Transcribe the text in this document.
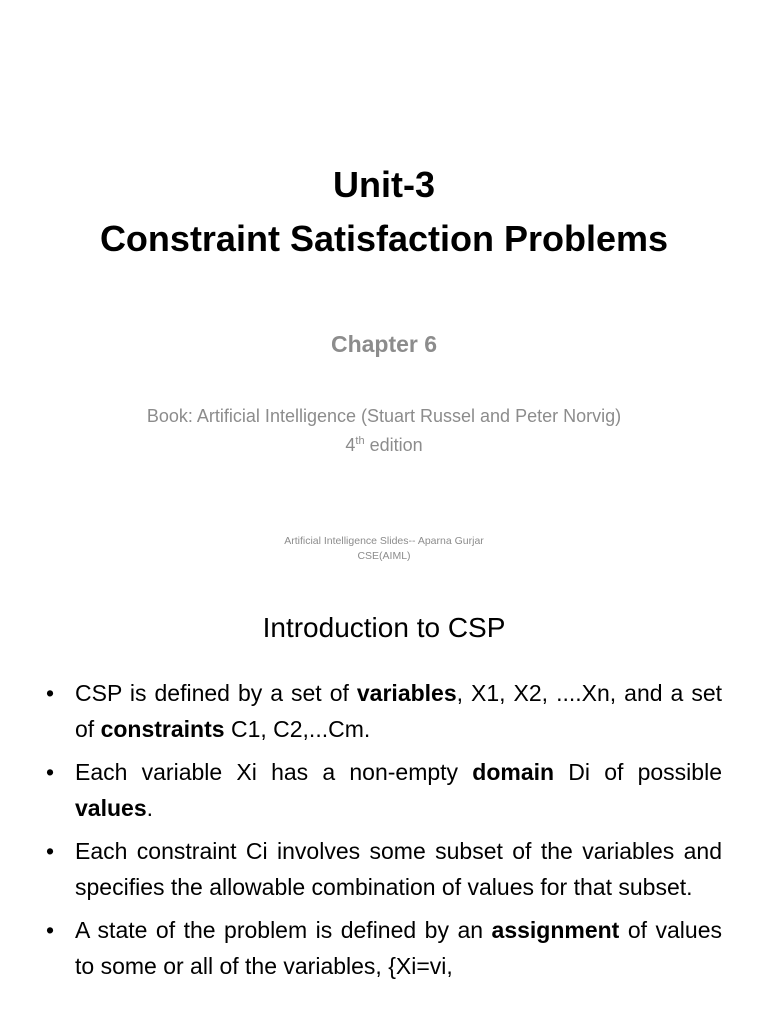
Unit-3
Constraint Satisfaction Problems
Chapter 6
Book: Artificial Intelligence (Stuart Russel and Peter Norvig)
4th edition
Artificial Intelligence Slides-- Aparna Gurjar
CSE(AIML)
Introduction to CSP
• CSP is defined by a set of variables, X1, X2, ....Xn, and a set of constraints C1, C2,...Cm.
• Each variable Xi has a non-empty domain Di of possible values.
• Each constraint Ci involves some subset of the variables and specifies the allowable combination of values for that subset.
• A state of the problem is defined by an assignment of values to some or all of the variables, {Xi=vi,
